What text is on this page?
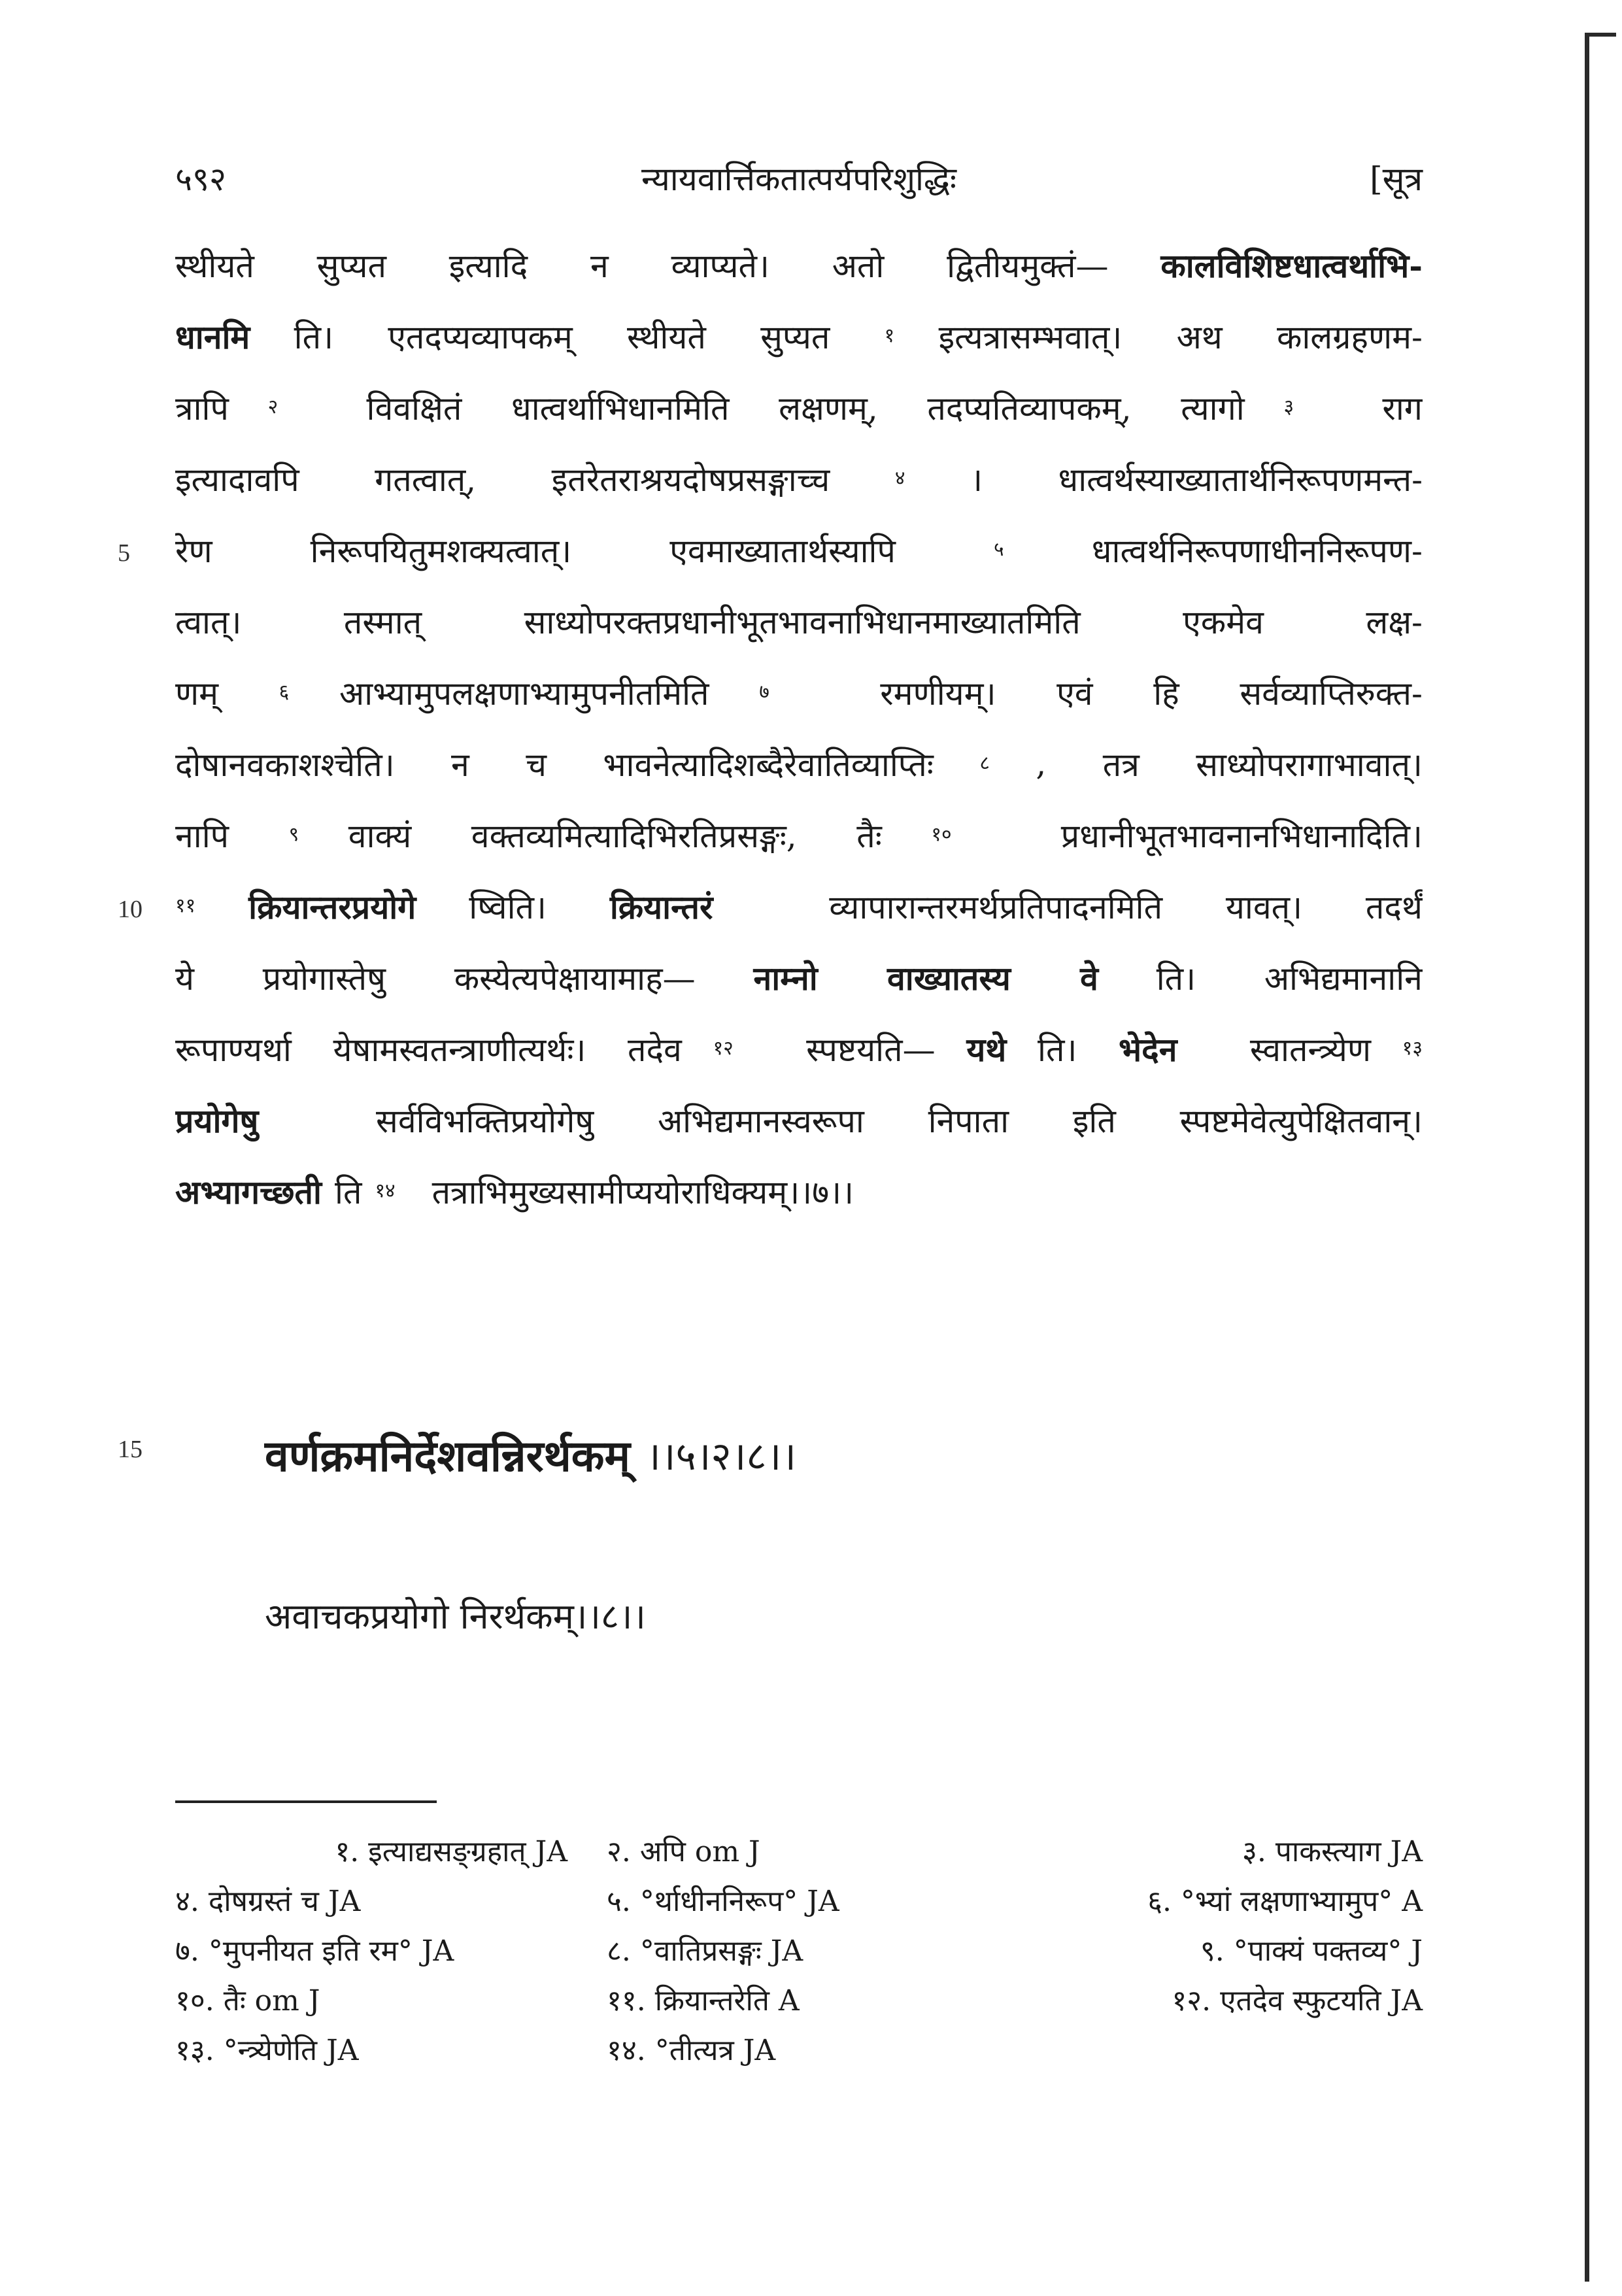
५९२	न्यायवार्त्तिकतात्पर्यपरिशुद्धिः	[सूत्र
स्थीयते सुप्यत इत्यादि न व्याप्यते। अतो द्वितीयमुक्तं— कालविशिष्टधात्वर्थाभि-
धानमि ति। एतदप्यव्यापकम् स्थीयते सुप्यत १ इत्यत्रासम्भवात्। अथ कालग्रहणम-
त्रापि २
	विवक्षितं धात्वर्थाभिधानमिति लक्षणम्, तदप्यतिव्यापकम्, त्यागो ३
	राग
इत्यादावपि गतत्वात्, इतरेतराश्रयदोषप्रसङ्गाच्च	४ । धात्वर्थस्याख्यातार्थनिरूपणमन्त-
रेण	निरूपयितुमशक्यत्वात्।	एवमाख्यातार्थस्यापि	५	धात्वर्थनिरूपणाधीननिरूपण-
त्वात्।	तस्मात्	साध्योपरक्तप्रधानीभूतभावनाभिधानमाख्यातमिति	एकमेव	लक्ष-
णम्	६ आभ्यामुपलक्षणाभ्यामुपनीतमिति	७
	रमणीयम्। एवं हि सर्वव्याप्तिरुक्त-
दोषानवकाशश्चेति। न च भावनेत्यादिशब्दैरेवातिव्याप्तिः ८ , तत्र साध्योपरागाभावात्।
नापि	९ वाक्यं वक्तव्यमित्यादिभिरतिप्रसङ्गः, तैः	१०
	प्रधानीभूतभावनानभिधानादिति।
११ क्रियान्तरप्रयोगे ष्विति। क्रियान्तरं
	व्यापारान्तरमर्थप्रतिपादनमिति यावत्। तदर्थं
ये प्रयोगास्तेषु कस्येत्यपेक्षायामाह— नाम्नो वाख्यातस्य वे ति। अभिद्यमानानि
रूपाण्यर्था येषामस्वतन्त्राणीत्यर्थः। तदेव १२
स्पष्टयति— यथे ति। भेदेन
स्वातन्त्र्येण १३
प्रयोगेषु
	सर्वविभक्तिप्रयोगेषु अभिद्यमानस्वरूपा निपाता इति स्पष्टमेवेत्युपेक्षितवान्।
अभ्यागच्छती ति १४
तत्राभिमुख्यसामीप्ययोराधिक्यम्।।७।।
5
10
15	वर्णक्रमनिर्देशवन्निरर्थकम् ।।५।२।८।।
अवाचकप्रयोगो निरर्थकम्।।८।।
१. इत्याद्यसङ्ग्रहात् JA २. अपि om J	३. पाकस्त्याग JA
४. दोषग्रस्तं च JA	५. °र्थाधीननिरूप° JA	६. °भ्यां लक्षणाभ्यामुप° A
७. °मुपनीयत इति रम° JA	८. °वातिप्रसङ्गः JA	९. °पाक्यं पक्तव्य° J
१०. तैः om J	११. क्रियान्तरेति A	१२. एतदेव स्फुटयति JA
१३. °न्त्र्येणेति JA	१४. °तीत्यत्र JA
